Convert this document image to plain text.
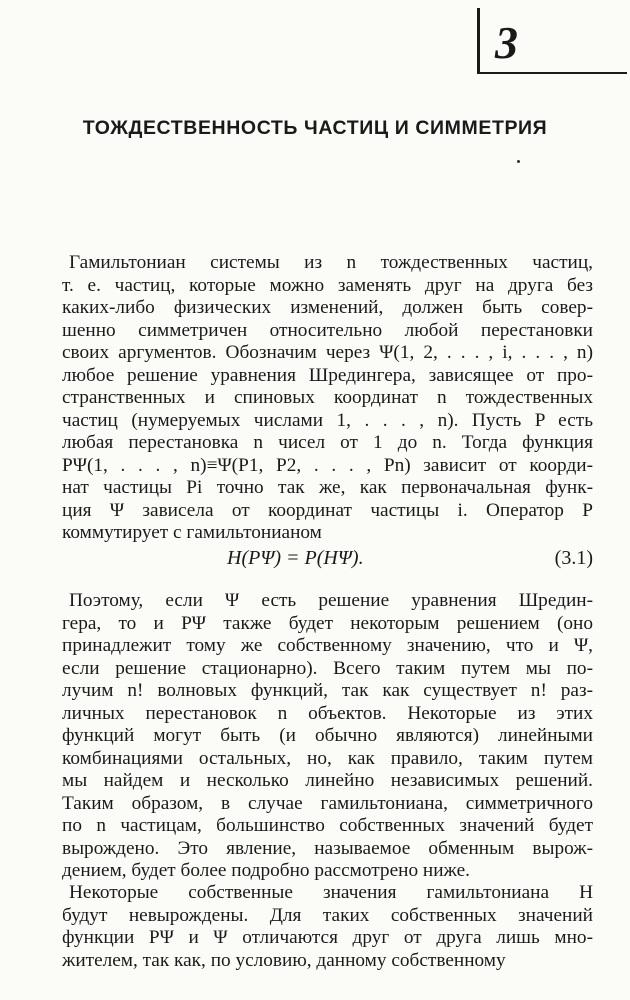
3
ТОЖДЕСТВЕННОСТЬ ЧАСТИЦ И СИММЕТРИЯ
Гамильтониан системы из n тождественных частиц,
т. е. частиц, которые можно заменять друг на друга без
каких-либо физических изменений, должен быть совер-
шенно симметричен относительно любой перестановки
своих аргументов. Обозначим через Ψ(1, 2, . . . , i, . . . , n)
любое решение уравнения Шредингера, зависящее от про-
странственных и спиновых координат n тождественных
частиц (нумеруемых числами 1, . . . , n). Пусть P есть
любая перестановка n чисел от 1 до n. Тогда функция
PΨ(1, . . . , n)≡Ψ(P1, P2, . . . , Pn) зависит от коорди-
нат частицы Pi точно так же, как первоначальная функ-
ция Ψ зависела от координат частицы i. Оператор P
коммутирует с гамильтонианом
H(PΨ) = P(HΨ).	(3.1)
Поэтому, если Ψ есть решение уравнения Шредин-
гера, то и PΨ также будет некоторым решением (оно
принадлежит тому же собственному значению, что и Ψ,
если решение стационарно). Всего таким путем мы по-
лучим n! волновых функций, так как существует n! раз-
личных перестановок n объектов. Некоторые из этих
функций могут быть (и обычно являются) линейными
комбинациями остальных, но, как правило, таким путем
мы найдем и несколько линейно независимых решений.
Таким образом, в случае гамильтониана, симметричного
по n частицам, большинство собственных значений будет
вырождено. Это явление, называемое обменным вырож-
дением, будет более подробно рассмотрено ниже.
Некоторые собственные значения гамильтониана H
будут невырождены. Для таких собственных значений
функции PΨ и Ψ отличаются друг от друга лишь мно-
жителем, так как, по условию, данному собственному
